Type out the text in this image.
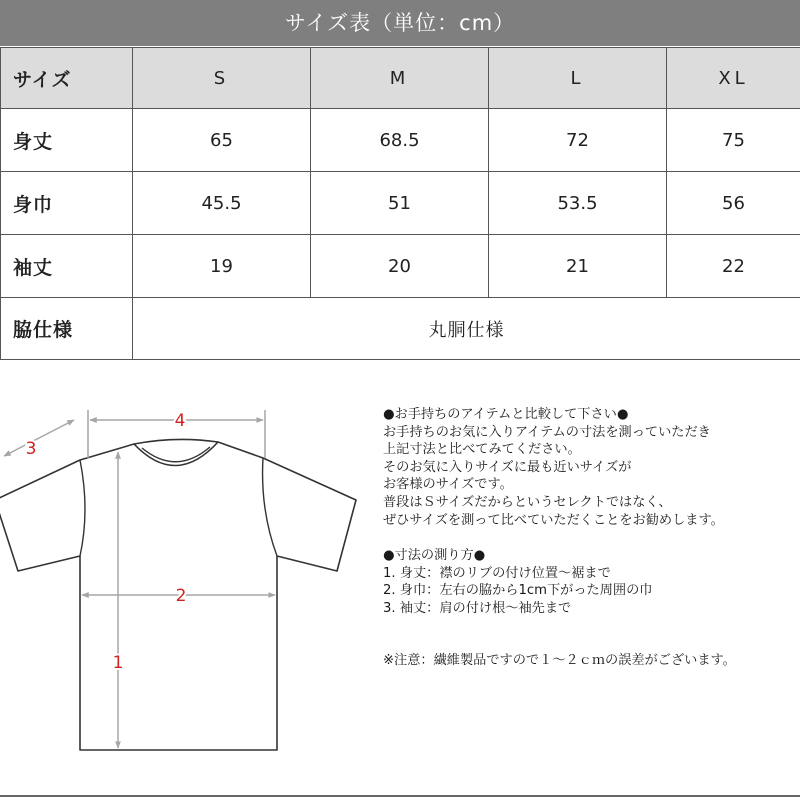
サイズ表（単位：cm）
サイズ	S	M	L	XL
身丈	65	68.5	72	75
身巾	45.5	51	53.5	56
袖丈	19	20	21	22
脇仕様	丸胴仕様			
4
3
2
1

●お手持ちのアイテムと比較して下さい●

お手持ちのお気に入りアイテムの寸法を測っていただき

上記寸法と比べてみてください。

そのお気に入りサイズに最も近いサイズが

お客様のサイズです。

普段はＳサイズだからというセレクトではなく、

ぜひサイズを測って比べていただくことをお勧めします。

●寸法の測り方●

1. 身丈：襟のリブの付け位置～裾まで

2. 身巾：左右の脇から1cm下がった周囲の巾

3. 袖丈：肩の付け根～袖先まで

※注意：繊維製品ですので１～２ｃｍの誤差がございます。
